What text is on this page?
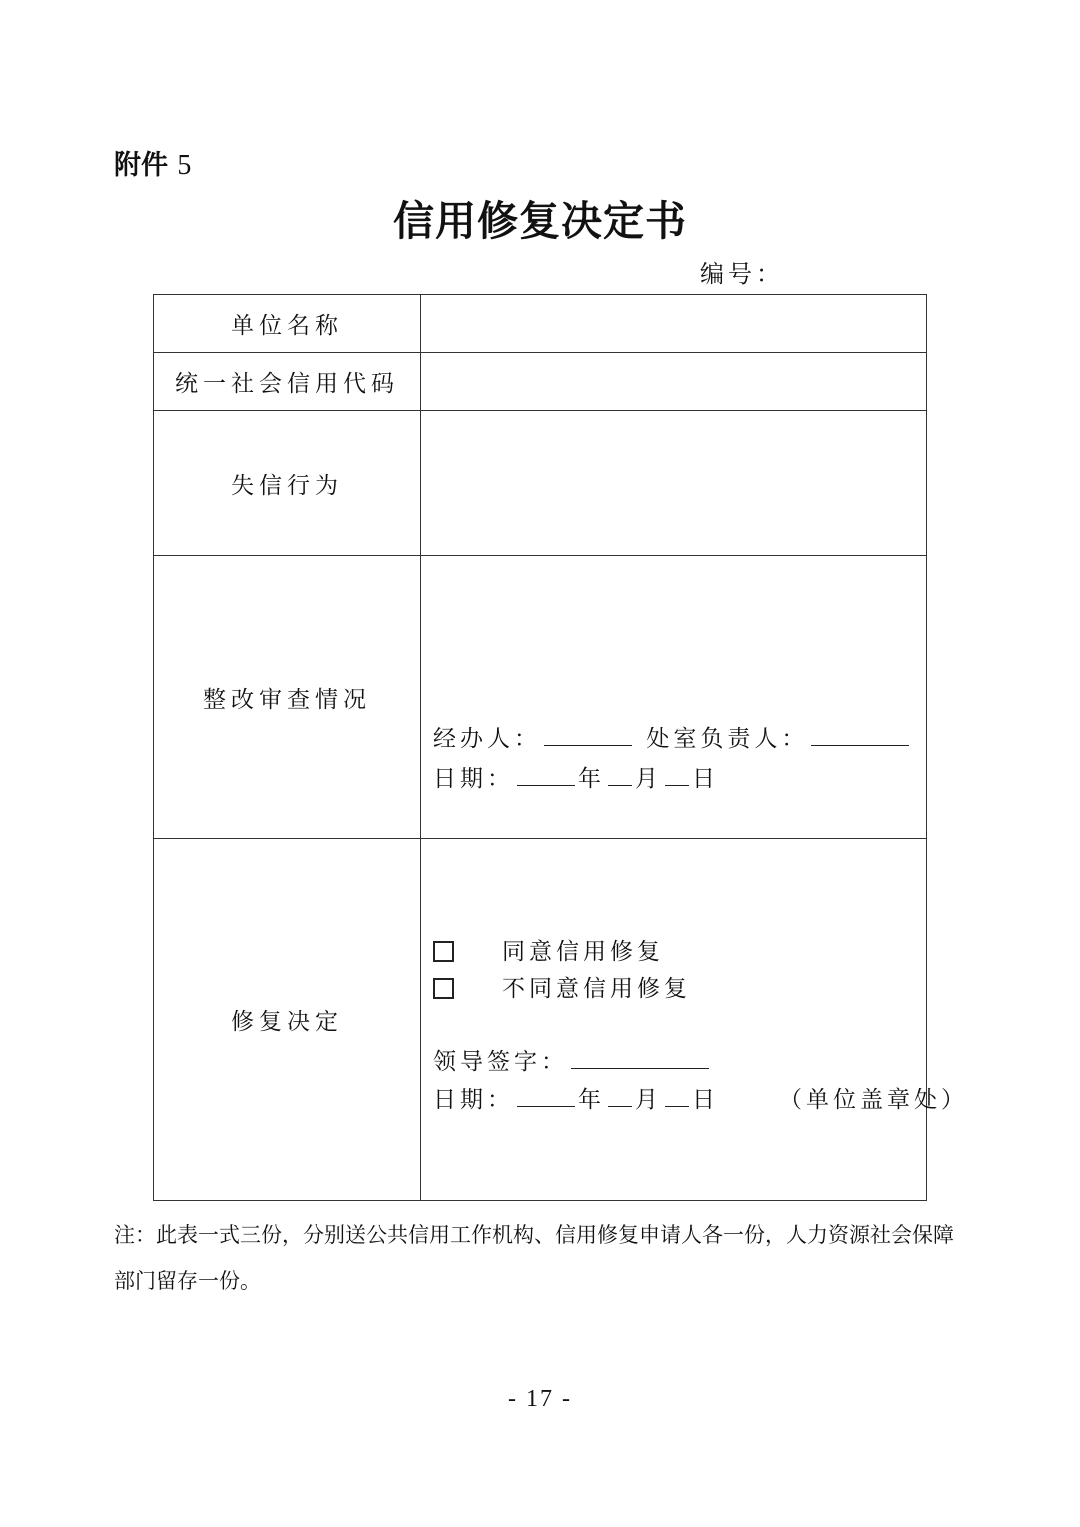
附件 5
信用修复决定书
编号：
单位名称	
统一社会信用代码	
失信行为	
整改审查情况	经办人： 处室负责人：
日期： 年 月 日

修复决定	同意信用修复
不同意信用修复
领导签字：
日期： 年 月 日 （单位盖章处）
注：此表一式三份，分别送公共信用工作机构、信用修复申请人各一份，人力资源社会保障部门留存一份。
- 17 -
